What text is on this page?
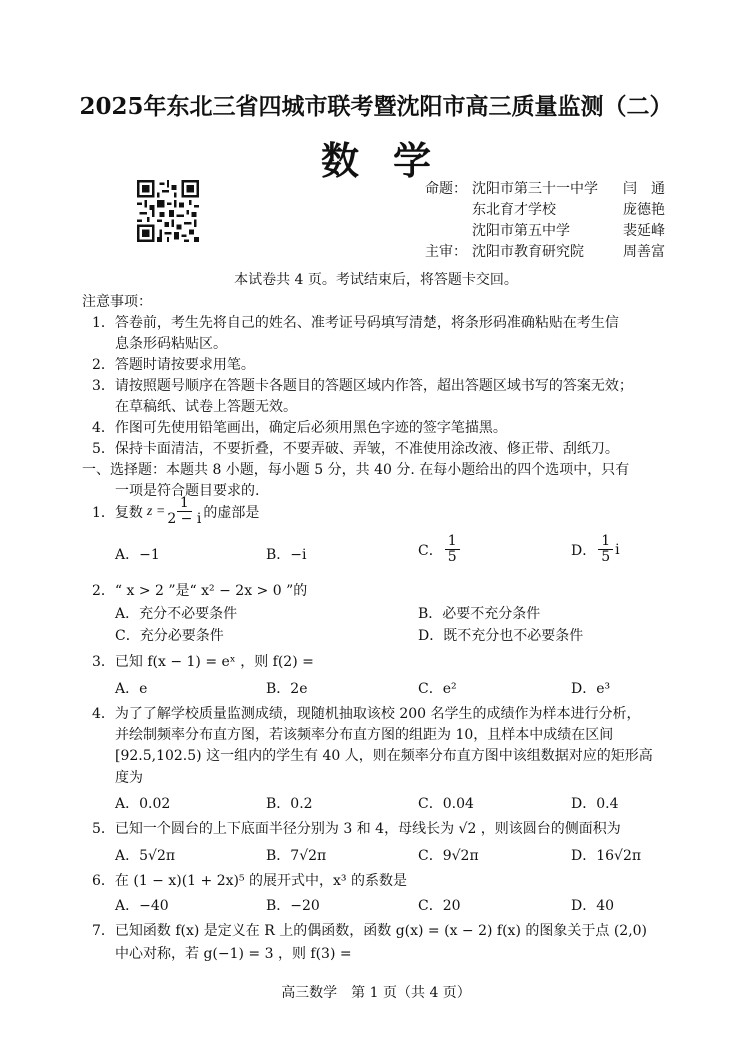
2025年东北三省四城市联考暨沈阳市高三质量监测（二）
数学
命题： 沈阳市第三十一中学 闫　通
东北育才学校	庞德艳
沈阳市第五中学	裴延峰
主审： 沈阳市教育研究院	周善富
本试卷共 4 页。考试结束后，将答题卡交回。
注意事项：
1．答卷前，考生先将自己的姓名、准考证号码填写清楚，将条形码准确粘贴在考生信
息条形码粘贴区。
2．答题时请按要求用笔。
3．请按照题号顺序在答题卡各题目的答题区域内作答，超出答题区域书写的答案无效；
在草稿纸、试卷上答题无效。
4．作图可先使用铅笔画出，确定后必须用黑色字迹的签字笔描黑。
5．保持卡面清洁，不要折叠，不要弄破、弄皱，不准使用涂改液、修正带、刮纸刀。
一、选择题：本题共 8 小题，每小题 5 分，共 40 分. 在每小题给出的四个选项中，只有
一项是符合题目要求的.
1．复数 $z = \frac{1}{2 - i}$ 的虚部是
A．−1	B．−i	C． $\frac{1}{5}$	D． $\frac{1}{5}$ i
2．“ x > 2 ”是“ x² − 2x > 0 ”的
A．充分不必要条件	B．必要不充分条件
C．充分必要条件	D．既不充分也不必要条件
3．已知 f(x − 1) = eˣ ，则 f(2) =
A．e	B．2e	C．e²	D．e³
4．为了了解学校质量监测成绩，现随机抽取该校 200 名学生的成绩作为样本进行分析，
并绘制频率分布直方图，若该频率分布直方图的组距为 10，且样本中成绩在区间
[92.5,102.5) 这一组内的学生有 40 人，则在频率分布直方图中该组数据对应的矩形高
度为
A．0.02	B．0.2	C．0.04	D．0.4
5．已知一个圆台的上下底面半径分别为 3 和 4，母线长为 √2 ，则该圆台的侧面积为
A．5√2π	B．7√2π	C．9√2π	D．16√2π
6．在 (1 − x)(1 + 2x)⁵ 的展开式中，x³ 的系数是
A．−40	B．−20	C．20	D．40
7．已知函数 f(x) 是定义在 R 上的偶函数，函数 g(x) = (x − 2) f(x) 的图象关于点 (2,0)
中心对称，若 g(−1) = 3 ，则 f(3) =
高三数学　第 1 页（共 4 页）
